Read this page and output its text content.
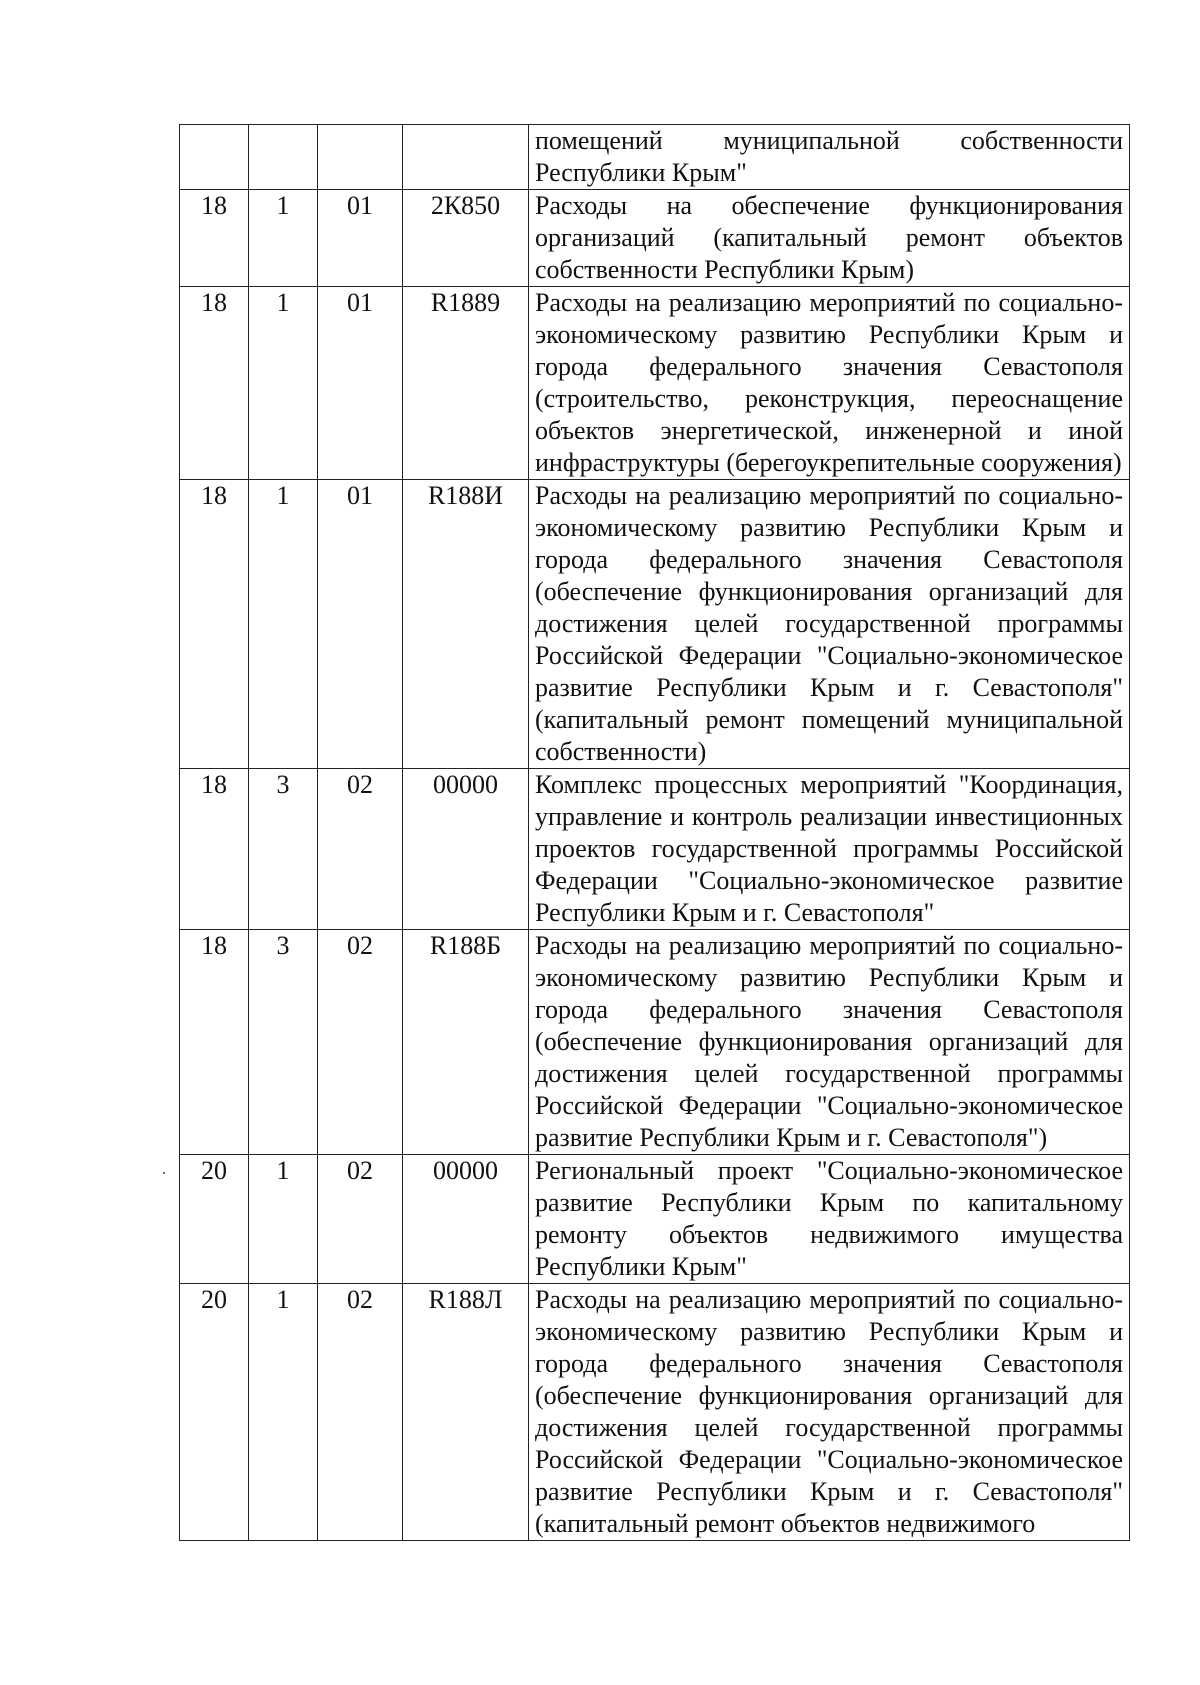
				помещений муниципальной собственности Республики Крым"
18	1	01	2К850	Расходы на обеспечение функционирования организаций (капитальный ремонт объектов собственности Республики Крым)
18	1	01	R1889	Расходы на реализацию мероприятий по социально-экономическому развитию Республики Крым и города федерального значения Севастополя (строительство, реконструкция, переоснащение объектов энергетической, инженерной и иной инфраструктуры (берегоукрепительные сооружения)
18	1	01	R188И	Расходы на реализацию мероприятий по социально-экономическому развитию Республики Крым и города федерального значения Севастополя (обеспечение функционирования организаций для достижения целей государственной программы Российской Федерации "Социально-экономическое развитие Республики Крым и г. Севастополя" (капитальный ремонт помещений муниципальной собственности)
18	3	02	00000	Комплекс процессных мероприятий "Координация, управление и контроль реализации инвестиционных проектов государственной программы Российской Федерации "Социально-экономическое развитие Республики Крым и г. Севастополя"
18	3	02	R188Б	Расходы на реализацию мероприятий по социально-экономическому развитию Республики Крым и города федерального значения Севастополя (обеспечение функционирования организаций для достижения целей государственной программы Российской Федерации "Социально-экономическое развитие Республики Крым и г. Севастополя")
20	1	02	00000	Региональный проект "Социально-экономическое развитие Республики Крым по капитальному ремонту объектов недвижимого имущества Республики Крым"
20	1	02	R188Л	Расходы на реализацию мероприятий по социально-экономическому развитию Республики Крым и города федерального значения Севастополя (обеспечение функционирования организаций для достижения целей государственной программы Российской Федерации "Социально-экономическое развитие Республики Крым и г. Севастополя" (капитальный ремонт объектов недвижимого
